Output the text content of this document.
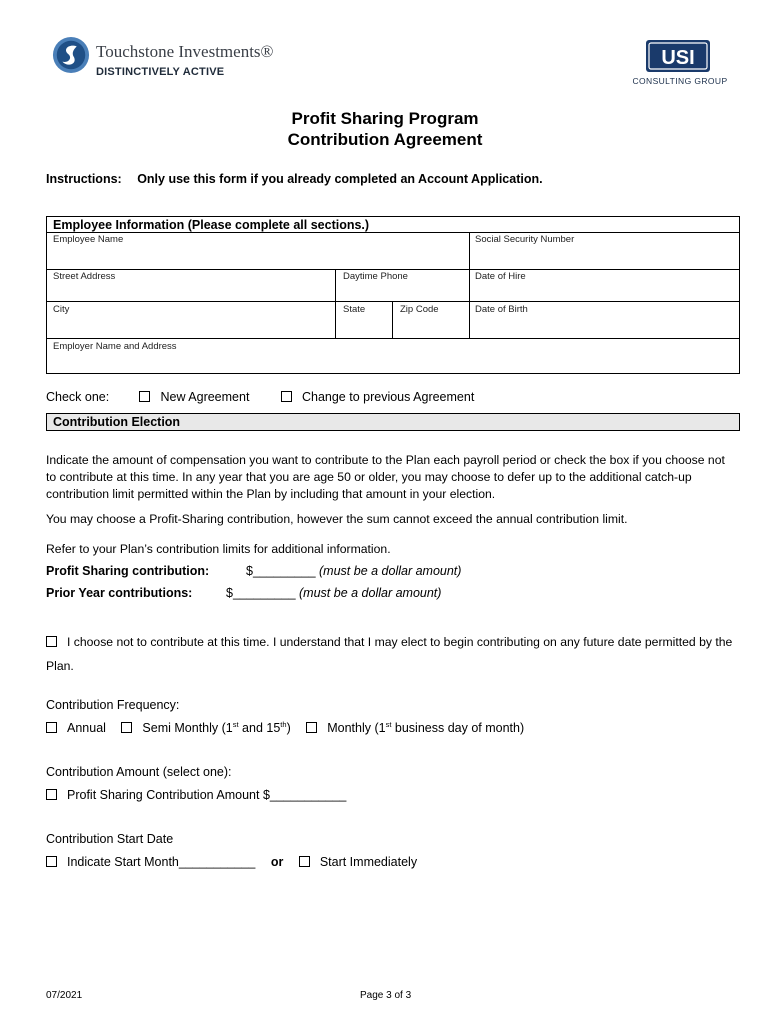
Touchstone Investments®
DISTINCTIVELY ACTIVE
USI
CONSULTING GROUP
Profit Sharing Program
Contribution Agreement
Instructions: Only use this form if you already completed an Account Application.
Employee Information (Please complete all sections.)
Employee Name	Social Security Number
Street Address	Daytime Phone	Date of Hire
City	State	Zip Code	Date of Birth
Employer Name and Address
Check one:	New Agreement	Change to previous Agreement
Contribution Election
Indicate the amount of compensation you want to contribute to the Plan each payroll period or check the box if you choose not to contribute at this time. In any year that you are age 50 or older, you may choose to defer up to the additional catch-up contribution limit permitted within the Plan by including that amount in your election.
You may choose a Profit-Sharing contribution, however the sum cannot exceed the annual contribution limit.
Refer to your Plan’s contribution limits for additional information.
Profit Sharing contribution:	$_________ (must be a dollar amount)
Prior Year contributions:	$_________ (must be a dollar amount)
I choose not to contribute at this time. I understand that I may elect to begin contributing on any future date permitted by the Plan.
Contribution Frequency:
Annual	Semi Monthly (1st and 15th)	Monthly (1st business day of month)
Contribution Amount (select one):
Profit Sharing Contribution Amount $___________
Contribution Start Date
Indicate Start Month___________ or	Start Immediately
07/2021	Page 3 of 3
